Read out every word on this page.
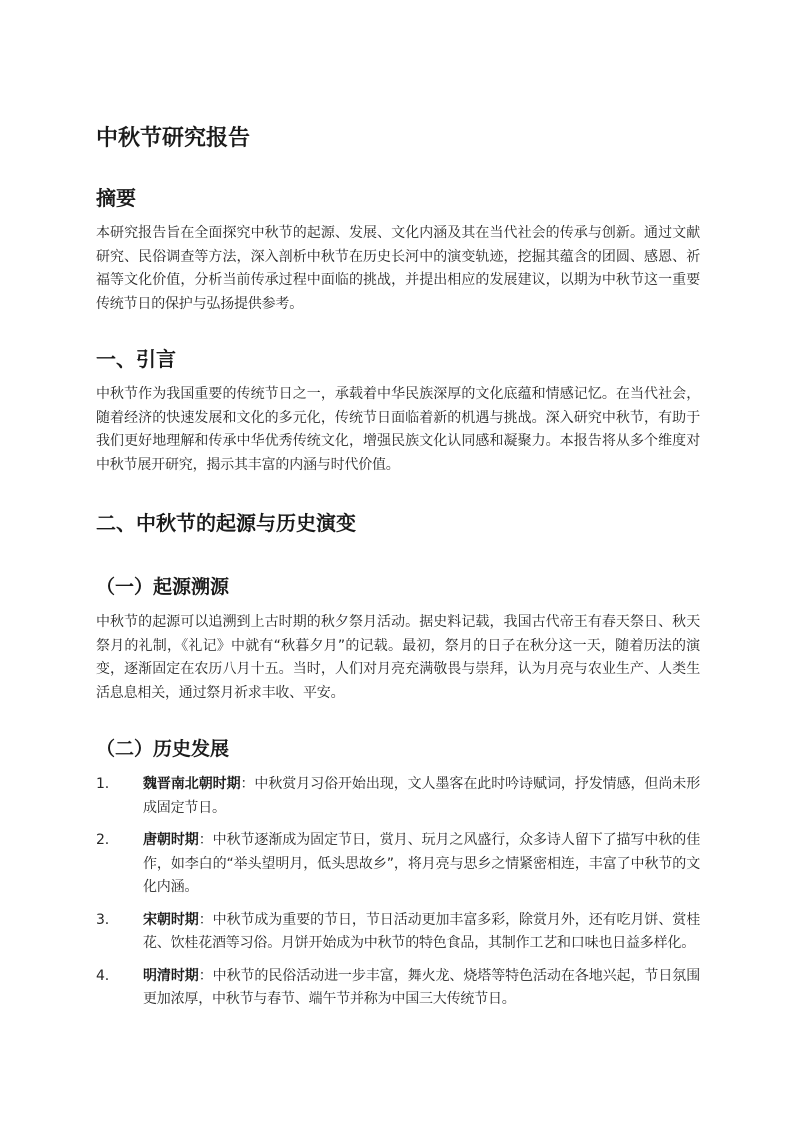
中秋节研究报告
摘要

本研究报告旨在全面探究中秋节的起源、发展、文化内涵及其在当代社会的传承与创新。通过文献研究、民俗调查等方法，深入剖析中秋节在历史长河中的演变轨迹，挖掘其蕴含的团圆、感恩、祈福等文化价值，分析当前传承过程中面临的挑战，并提出相应的发展建议，以期为中秋节这一重要传统节日的保护与弘扬提供参考。

一、引言

中秋节作为我国重要的传统节日之一，承载着中华民族深厚的文化底蕴和情感记忆。在当代社会，随着经济的快速发展和文化的多元化，传统节日面临着新的机遇与挑战。深入研究中秋节，有助于我们更好地理解和传承中华优秀传统文化，增强民族文化认同感和凝聚力。本报告将从多个维度对中秋节展开研究，揭示其丰富的内涵与时代价值。

二、中秋节的起源与历史演变
（一）起源溯源

中秋节的起源可以追溯到上古时期的秋夕祭月活动。据史料记载，我国古代帝王有春天祭日、秋天祭月的礼制，《礼记》中就有“秋暮夕月”的记载。最初，祭月的日子在秋分这一天，随着历法的演变，逐渐固定在农历八月十五。当时，人们对月亮充满敬畏与崇拜，认为月亮与农业生产、人类生活息息相关，通过祭月祈求丰收、平安。

（二）历史发展
1. 魏晋南北朝时期：中秋赏月习俗开始出现，文人墨客在此时吟诗赋词，抒发情感，但尚未形成固定节日。
2. 唐朝时期：中秋节逐渐成为固定节日，赏月、玩月之风盛行，众多诗人留下了描写中秋的佳作，如李白的“举头望明月，低头思故乡”，将月亮与思乡之情紧密相连，丰富了中秋节的文化内涵。
3. 宋朝时期：中秋节成为重要的节日，节日活动更加丰富多彩，除赏月外，还有吃月饼、赏桂花、饮桂花酒等习俗。月饼开始成为中秋节的特色食品，其制作工艺和口味也日益多样化。
4. 明清时期：中秋节的民俗活动进一步丰富，舞火龙、烧塔等特色活动在各地兴起，节日氛围更加浓厚，中秋节与春节、端午节并称为中国三大传统节日。
